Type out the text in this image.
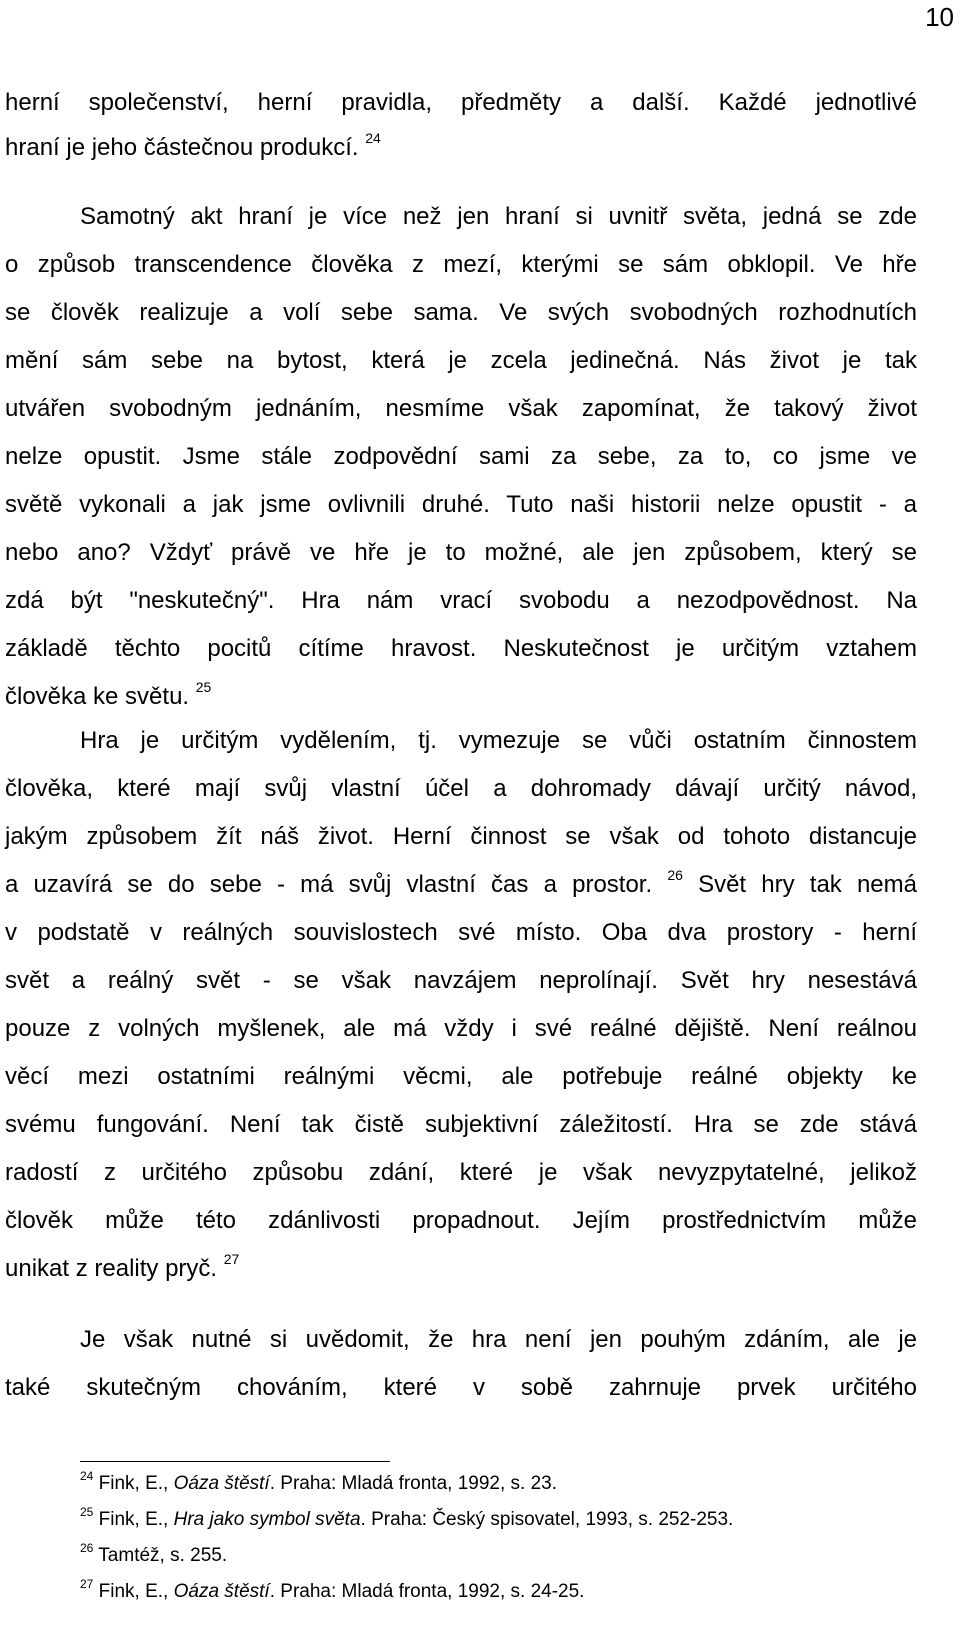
10
herní společenství, herní pravidla, předměty a další. Každé jednotlivé
hraní je jeho částečnou produkcí. $^{24}$
Samotný akt hraní je více než jen hraní si uvnitř světa, jedná se zde
o způsob transcendence člověka z mezí, kterými se sám obklopil. Ve hře
se člověk realizuje a volí sebe sama. Ve svých svobodných rozhodnutích
mění sám sebe na bytost, která je zcela jedinečná. Nás život je tak
utvářen svobodným jednáním, nesmíme však zapomínat, že takový život
nelze opustit. Jsme stále zodpovědní sami za sebe, za to, co jsme ve
světě vykonali a jak jsme ovlivnili druhé. Tuto naši historii nelze opustit - a
nebo ano? Vždyť právě ve hře je to možné, ale jen způsobem, který se
zdá být "neskutečný". Hra nám vrací svobodu a nezodpovědnost. Na
základě těchto pocitů cítíme hravost. Neskutečnost je určitým vztahem
člověka ke světu. $^{25}$
Hra je určitým vydělením, tj. vymezuje se vůči ostatním činnostem
člověka, které mají svůj vlastní účel a dohromady dávají určitý návod,
jakým způsobem žít náš život. Herní činnost se však od tohoto distancuje
a uzavírá se do sebe - má svůj vlastní čas a prostor. $^{26}$ Svět hry tak nemá
v podstatě v reálných souvislostech své místo. Oba dva prostory - herní
svět a reálný svět - se však navzájem neprolínají. Svět hry nesestává
pouze z volných myšlenek, ale má vždy i své reálné dějiště. Není reálnou
věcí mezi ostatními reálnými věcmi, ale potřebuje reálné objekty ke
svému fungování. Není tak čistě subjektivní záležitostí. Hra se zde stává
radostí z určitého způsobu zdání, které je však nevyzpytatelné, jelikož
člověk může této zdánlivosti propadnout. Jejím prostřednictvím může
unikat z reality pryč. $^{27}$
Je však nutné si uvědomit, že hra není jen pouhým zdáním, ale je
také skutečným chováním, které v sobě zahrnuje prvek určitého
$^{24}$ Fink, E., Oáza štěstí. Praha: Mladá fronta, 1992, s. 23.
$^{25}$ Fink, E., Hra jako symbol světa. Praha: Český spisovatel, 1993, s. 252-253.
$^{26}$ Tamtéž, s. 255.
$^{27}$ Fink, E., Oáza štěstí. Praha: Mladá fronta, 1992, s. 24-25.
